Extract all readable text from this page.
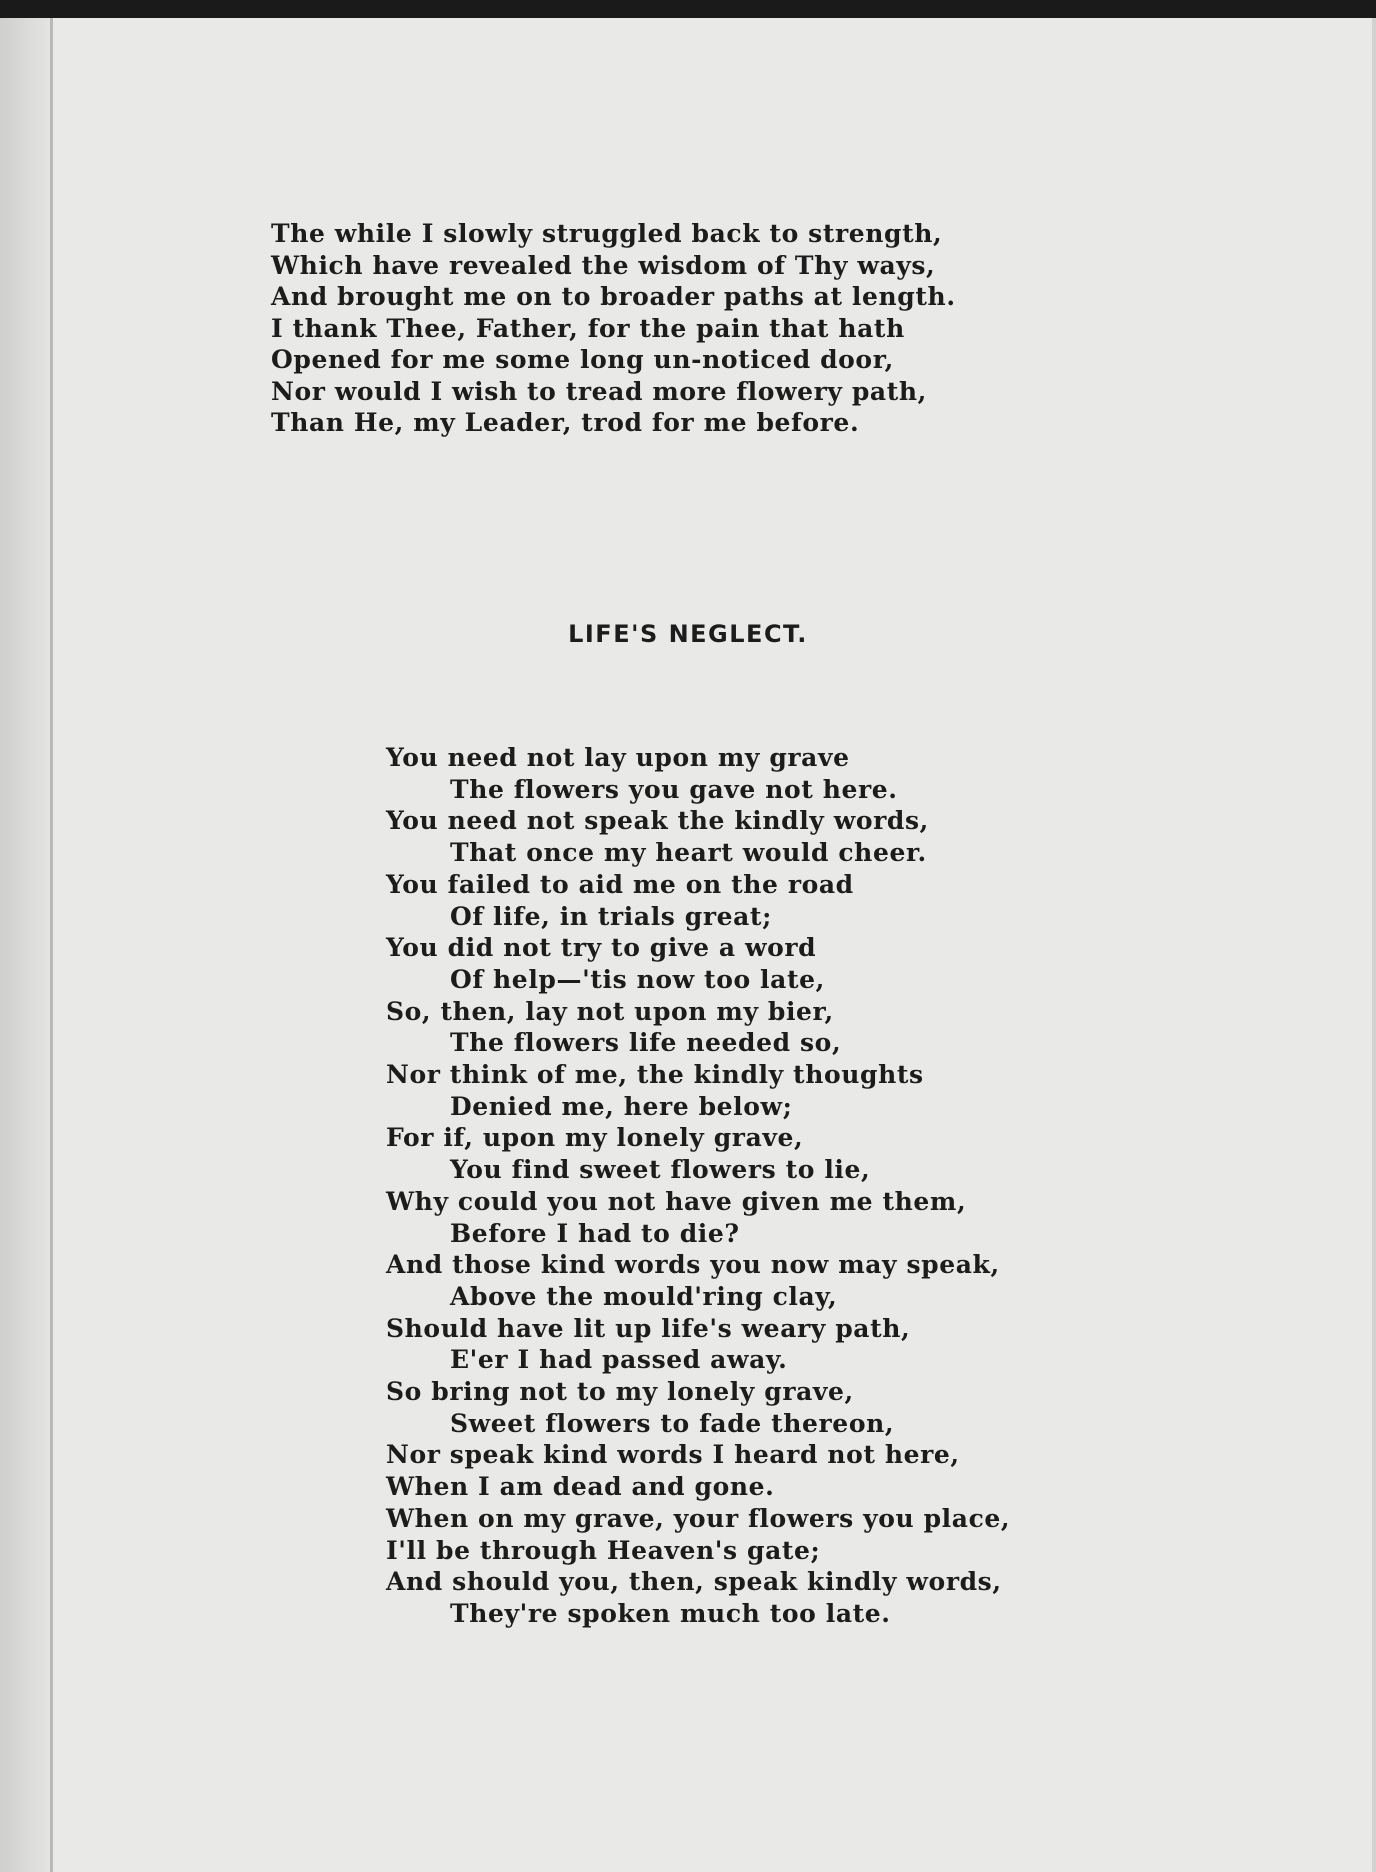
The while I slowly struggled back to strength,
Which have revealed the wisdom of Thy ways,
And brought me on to broader paths at length.
I thank Thee, Father, for the pain that hath
Opened for me some long un-noticed door,
Nor would I wish to tread more flowery path,
Than He, my Leader, trod for me before.
LIFE'S NEGLECT.
You need not lay upon my grave
The flowers you gave not here.
You need not speak the kindly words,
That once my heart would cheer.
You failed to aid me on the road
Of life, in trials great;
You did not try to give a word
Of help—'tis now too late,
So, then, lay not upon my bier,
The flowers life needed so,
Nor think of me, the kindly thoughts
Denied me, here below;
For if, upon my lonely grave,
You find sweet flowers to lie,
Why could you not have given me them,
Before I had to die?
And those kind words you now may speak,
Above the mould'ring clay,
Should have lit up life's weary path,
E'er I had passed away.
So bring not to my lonely grave,
Sweet flowers to fade thereon,
Nor speak kind words I heard not here,
When I am dead and gone.
When on my grave, your flowers you place,
I'll be through Heaven's gate;
And should you, then, speak kindly words,
They're spoken much too late.
